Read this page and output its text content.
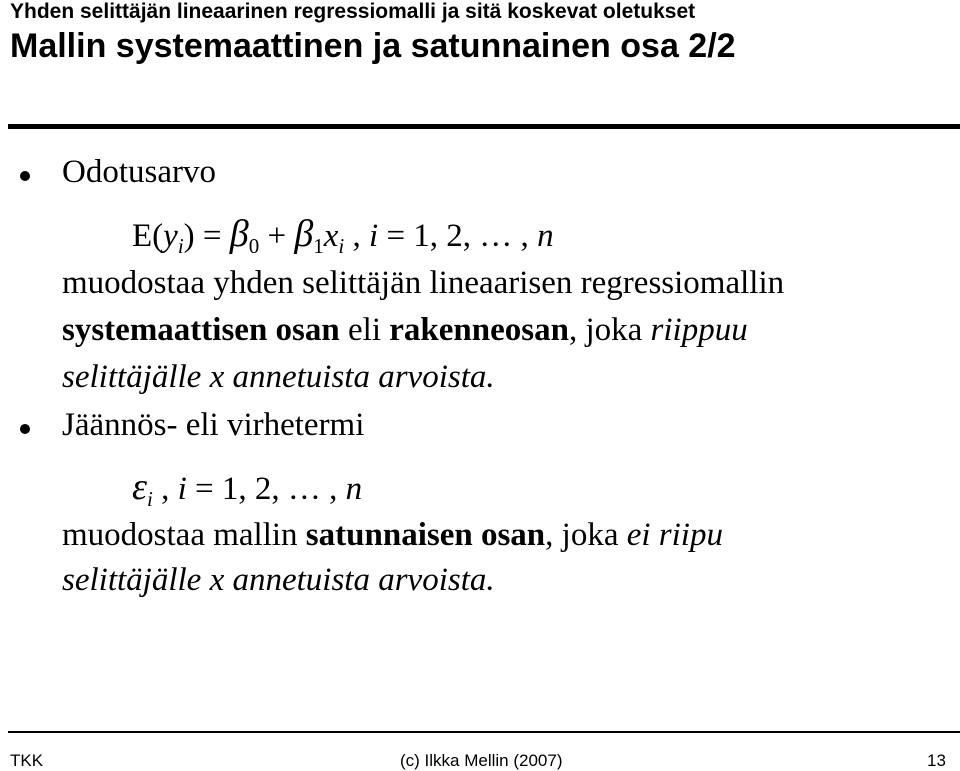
Yhden selittäjän lineaarinen regressiomalli ja sitä koskevat oletukset
Mallin systemaattinen ja satunnainen osa 2/2
Odotusarvo
$E(y_i) = \beta_0 + \beta_1x_i$ , i = 1, 2, … , n
muodostaa yhden selittäjän lineaarisen regressiomallin
systemaattisen osan eli rakenneosan, joka riippuu
selittäjälle x annetuista arvoista.
Jäännös- eli virhetermi
$\varepsilon_i$ , i = 1, 2, … , n
muodostaa mallin satunnaisen osan, joka ei riipu
selittäjälle x annetuista arvoista.
TKK	(c) Ilkka Mellin (2007)	13
